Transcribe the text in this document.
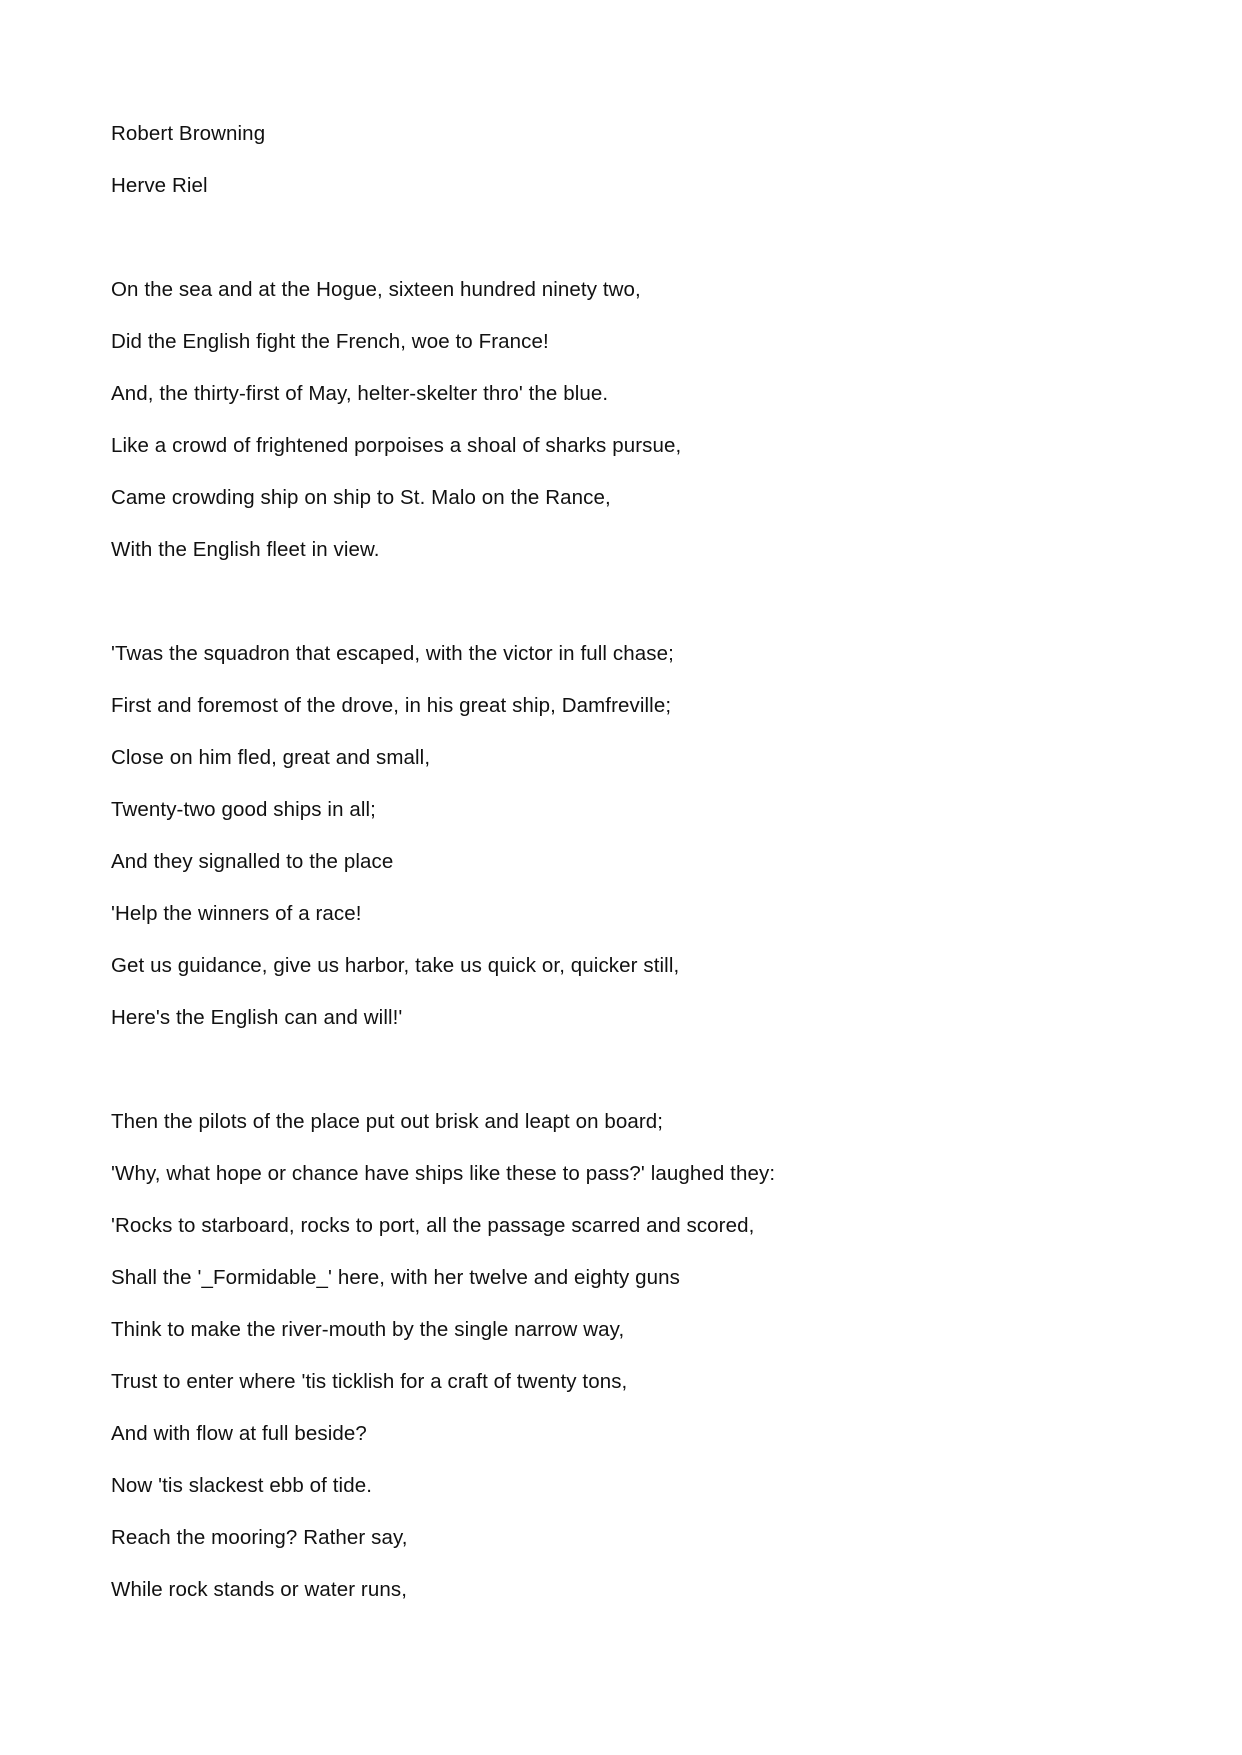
Robert Browning
Herve Riel
On the sea and at the Hogue, sixteen hundred ninety two,
Did the English fight the French, woe to France!
And, the thirty-first of May, helter-skelter thro' the blue.
Like a crowd of frightened porpoises a shoal of sharks pursue,
Came crowding ship on ship to St. Malo on the Rance,
With the English fleet in view.
'Twas the squadron that escaped, with the victor in full chase;
First and foremost of the drove, in his great ship, Damfreville;
Close on him fled, great and small,
Twenty-two good ships in all;
And they signalled to the place
'Help the winners of a race!
Get us guidance, give us harbor, take us quick or, quicker still,
Here's the English can and will!'
Then the pilots of the place put out brisk and leapt on board;
'Why, what hope or chance have ships like these to pass?' laughed they:
'Rocks to starboard, rocks to port, all the passage scarred and scored,
Shall the '_Formidable_' here, with her twelve and eighty guns
Think to make the river-mouth by the single narrow way,
Trust to enter where 'tis ticklish for a craft of twenty tons,
And with flow at full beside?
Now 'tis slackest ebb of tide.
Reach the mooring? Rather say,
While rock stands or water runs,
